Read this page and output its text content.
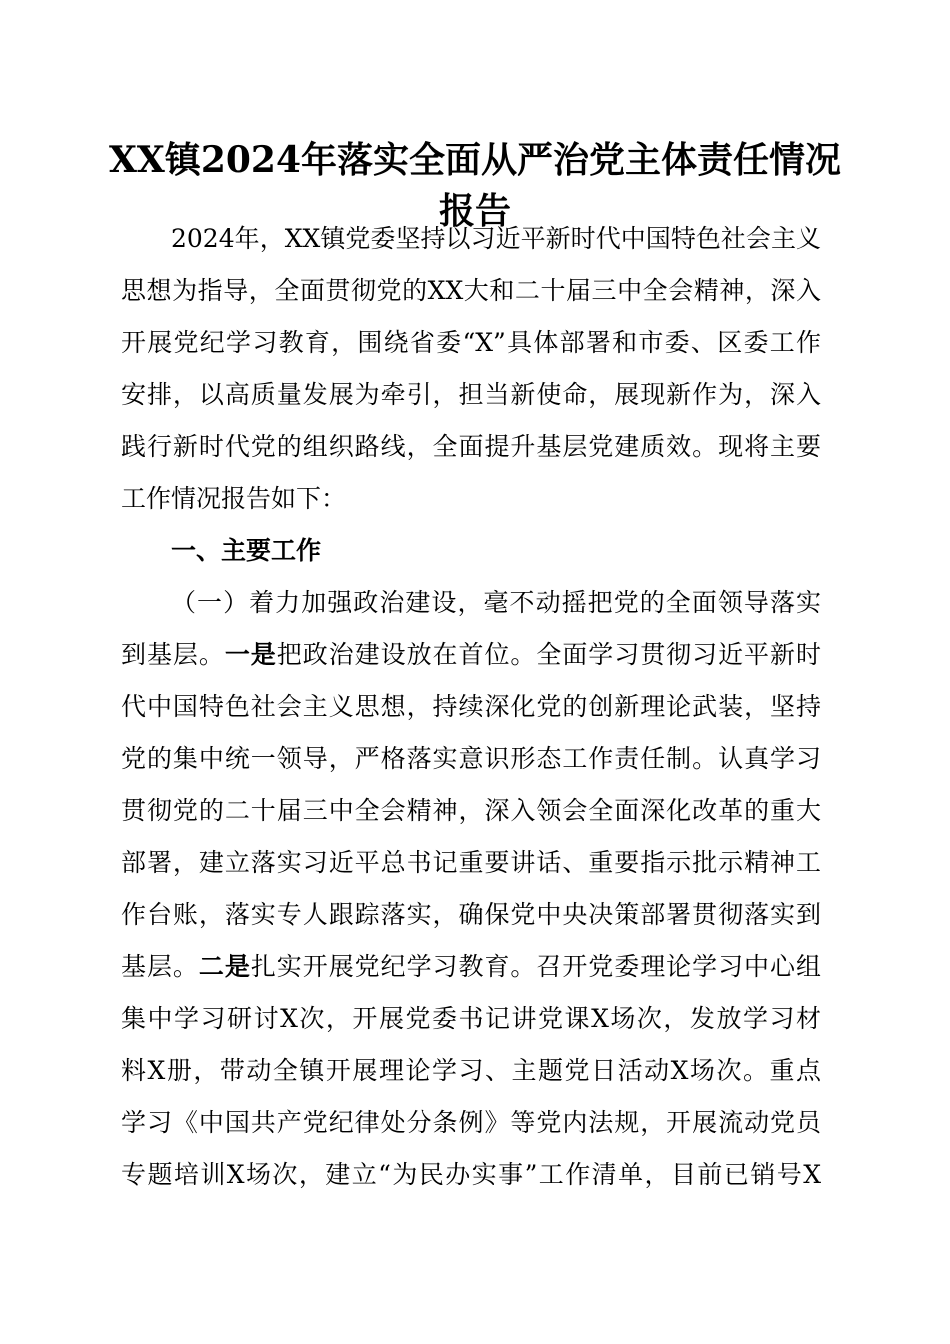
XX镇2024年落实全面从严治党主体责任情况
报告
2024年，XX镇党委坚持以习近平新时代中国特色社会主义
思想为指导，全面贯彻党的XX大和二十届三中全会精神，深入
开展党纪学习教育，围绕省委“X”具体部署和市委、区委工作
安排，以高质量发展为牵引，担当新使命，展现新作为，深入
践行新时代党的组织路线，全面提升基层党建质效。现将主要
工作情况报告如下：
一、主要工作
（一）着力加强政治建设，毫不动摇把党的全面领导落实
到基层。一是把政治建设放在首位。全面学习贯彻习近平新时
代中国特色社会主义思想，持续深化党的创新理论武装，坚持
党的集中统一领导，严格落实意识形态工作责任制。认真学习
贯彻党的二十届三中全会精神，深入领会全面深化改革的重大
部署，建立落实习近平总书记重要讲话、重要指示批示精神工
作台账，落实专人跟踪落实，确保党中央决策部署贯彻落实到
基层。二是扎实开展党纪学习教育。召开党委理论学习中心组
集中学习研讨X次，开展党委书记讲党课X场次，发放学习材
料X册，带动全镇开展理论学习、主题党日活动X场次。重点
学习《中国共产党纪律处分条例》等党内法规，开展流动党员
专题培训X场次，建立“为民办实事”工作清单，目前已销号X
